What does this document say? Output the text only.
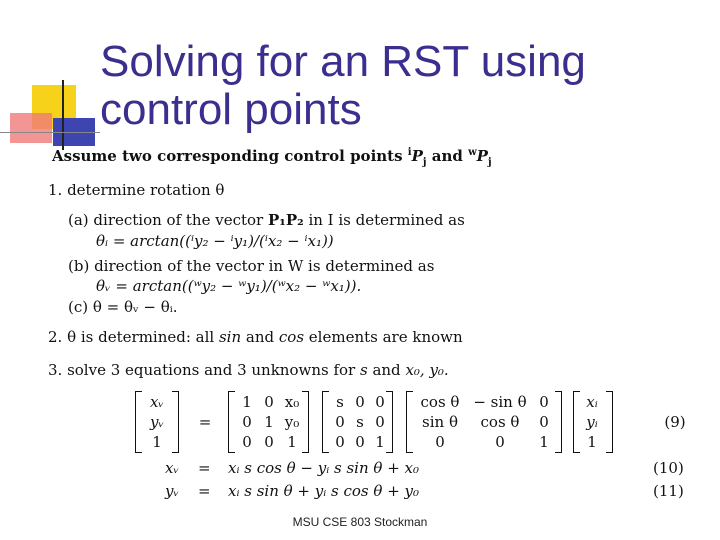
Solving for an RST using
control points
Assume two corresponding control points $^iP_j$ and $^wP_j$
1. determine rotation θ
(a) direction of the vector P₁P₂ in I is determined as
θᵢ = arctan((ⁱy₂ − ⁱy₁)/(ⁱx₂ − ⁱx₁))
(b) direction of the vector in W is determined as
θᵥ = arctan((ʷy₂ − ʷy₁)/(ʷx₂ − ʷx₁)).
(c) θ = θᵥ − θᵢ.
2. θ is determined: all sin and cos elements are known
3. solve 3 equations and 3 unknowns for s and x₀, y₀.
xᵥ
yᵥ
1
=
1 0 x₀
0 1 y₀
0 0 1
s 0 0
0 s 0
0 0 1
cos θ − sin θ 0
sin θ	cos θ	0
0	0	1
xᵢ
yᵢ
1
(9)
xᵥ = xᵢ s cos θ − yᵢ s sin θ + x₀	(10)
yᵥ = xᵢ s sin θ + yᵢ s cos θ + y₀	(11)
MSU CSE 803 Stockman
